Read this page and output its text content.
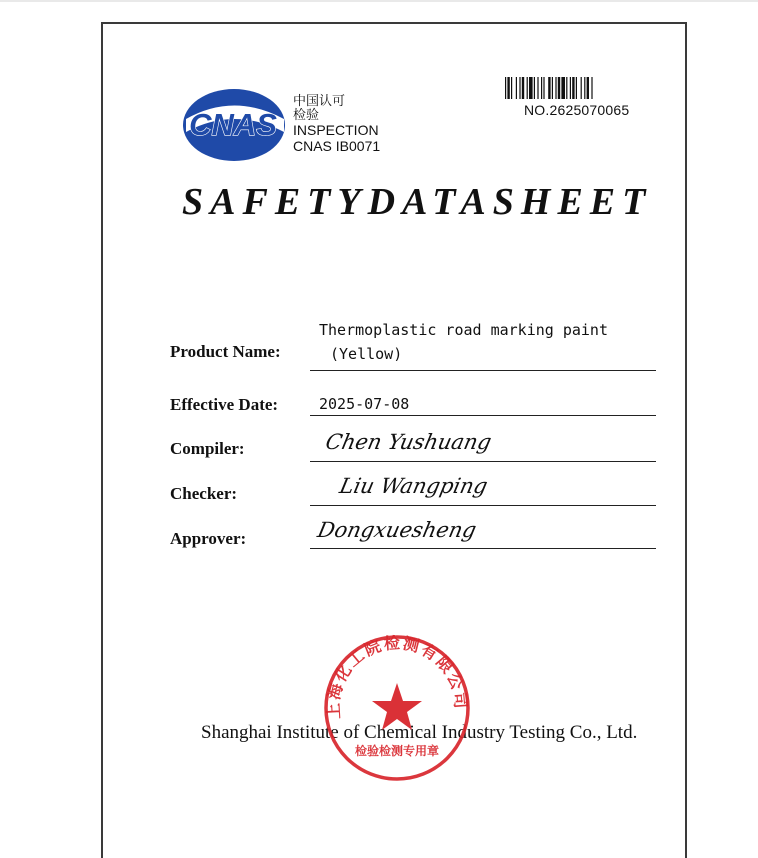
CNAS
中国认可
检验
INSPECTION
CNAS IB0071
NO.2625070065
SAFETYDATASHEET
Product Name:
Thermoplastic road marking paint
(Yellow)
Effective Date:	2025-07-08
Compiler:	Chen Yushuang
Checker:	Liu Wangping
Approver:	Dongxuesheng
Shanghai Institute of Chemical Industry Testing Co., Ltd.
上海化工院检测有限公司
检验检测专用章
